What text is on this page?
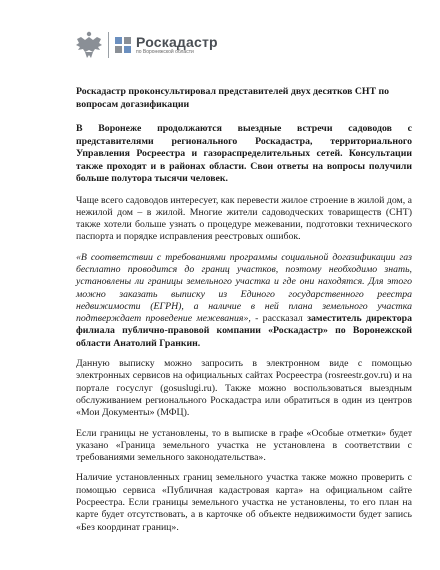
Роскадастр
по Воронежской области
Роскадастр проконсультировал представителей двух десятков СНТ по вопросам догазификации
В Воронеже продолжаются выездные встречи садоводов с представителями регионального Роскадастра, территориального Управления Росреестра и газораспределительных сетей. Консультации также проходят и в районах области. Свои ответы на вопросы получили больше полутора тысячи человек.

Чаще всего садоводов интересует, как перевести жилое строение в жилой дом, а нежилой дом – в жилой. Многие жители садоводческих товариществ (СНТ) также хотели больше узнать о процедуре межевании, подготовки технического паспорта и порядке исправления реестровых ошибок.

«В соответствии с требованиями программы социальной догазификации газ бесплатно проводится до границ участков, поэтому необходимо знать, установлены ли границы земельного участка и где они находятся. Для этого можно заказать выписку из Единого государственного реестра недвижимости (ЕГРН), а наличие в ней плана земельного участка подтверждает проведение межевания», - рассказал заместитель директора филиала публично-правовой компании «Роскадастр» по Воронежской области Анатолий Гранкин.

Данную выписку можно запросить в электронном виде с помощью электронных сервисов на официальных сайтах Росреестра (rosreestr.gov.ru) и на портале госуслуг (gosuslugi.ru). Также можно воспользоваться выездным обслуживанием регионального Роскадастра или обратиться в один из центров «Мои Документы» (МФЦ).

Если границы не установлены, то в выписке в графе «Особые отметки» будет указано «Граница земельного участка не установлена в соответствии с требованиями земельного законодательства».

Наличие установленных границ земельного участка также можно проверить с помощью сервиса «Публичная кадастровая карта» на официальном сайте Росреестра. Если границы земельного участка не установлены, то его план на карте будет отсутствовать, а в карточке об объекте недвижимости будет запись «Без координат границ».
